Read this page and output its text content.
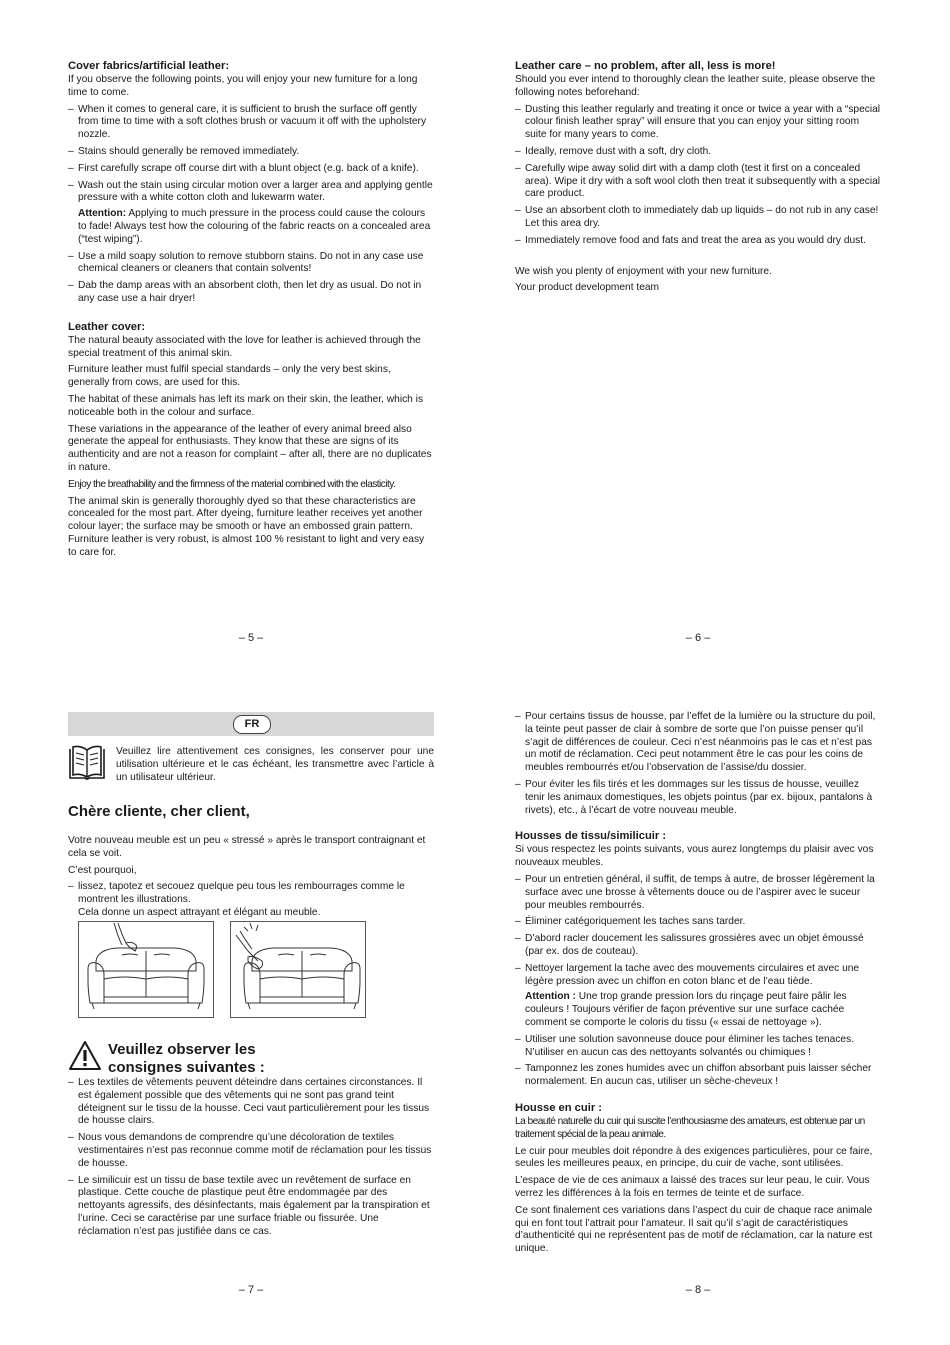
Cover fabrics/artificial leather:

If you observe the following points, you will enjoy your new furniture for a long time to come.

– When it comes to general care, it is sufficient to brush the surface off gently from time to time with a soft clothes brush or vacuum it off with the upholstery nozzle.
– Stains should generally be removed immediately.
– First carefully scrape off course dirt with a blunt object (e.g. back of a knife).
– Wash out the stain using circular motion over a larger area and applying gentle pressure with a white cotton cloth and lukewarm water.
Attention: Applying to much pressure in the process could cause the colours to fade! Always test how the colouring of the fabric reacts on a concealed area (“test wiping”).
– Use a mild soapy solution to remove stubborn stains. Do not in any case use chemical cleaners or cleaners that contain solvents!
– Dab the damp areas with an absorbent cloth, then let dry as usual. Do not in any case use a hair dryer!
Leather cover:

The natural beauty associated with the love for leather is achieved through the special treatment of this animal skin.

Furniture leather must fulfil special standards – only the very best skins, generally from cows, are used for this.

The habitat of these animals has left its mark on their skin, the leather, which is noticeable both in the colour and surface.

These variations in the appearance of the leather of every animal breed also generate the appeal for enthusiasts. They know that these are signs of its authenticity and are not a reason for complaint – after all, there are no duplicates in nature.

Enjoy the breathability and the firmness of the material combined with the elasticity.

The animal skin is generally thoroughly dyed so that these characteristics are concealed for the most part. After dyeing, furniture leather receives yet another colour layer; the surface may be smooth or have an embossed grain pattern. Furniture leather is very robust, is almost 100 % resistant to light and very easy to care for.

– 5 –
Leather care – no problem, after all, less is more!

Should you ever intend to thoroughly clean the leather suite, please observe the following notes beforehand:

– Dusting this leather regularly and treating it once or twice a year with a “special colour finish leather spray” will ensure that you can enjoy your sitting room suite for many years to come.
– Ideally, remove dust with a soft, dry cloth.
– Carefully wipe away solid dirt with a damp cloth (test it first on a concealed area). Wipe it dry with a soft wool cloth then treat it subsequently with a special care product.
– Use an absorbent cloth to immediately dab up liquids – do not rub in any case! Let this area dry.
– Immediately remove food and fats and treat the area as you would dry dust.

We wish you plenty of enjoyment with your new furniture.

Your product development team

– 6 –
FR
Veuillez lire attentivement ces consignes, les conserver pour une utilisation ultérieure et le cas échéant, les transmettre avec l’article à un utilisateur ultérieur.
Chère cliente, cher client,

Votre nouveau meuble est un peu « stressé » après le transport contraignant et cela se voit.

C’est pourquoi,

– lissez, tapotez et secouez quelque peu tous les rembourrages comme le montrent les illustrations.
Cela donne un aspect attrayant et élégant au meuble.
Veuillez observer les
consignes suivantes :
– Les textiles de vêtements peuvent déteindre dans certaines circonstances. Il est également possible que des vêtements qui ne sont pas grand teint déteignent sur le tissu de la housse. Ceci vaut particulièrement pour les tissus de housse clairs.
– Nous vous demandons de comprendre qu’une décoloration de textiles vestimentaires n’est pas reconnue comme motif de réclamation pour les tissus de housse.
– Le similicuir est un tissu de base textile avec un revêtement de surface en plastique. Cette couche de plastique peut être endommagée par des nettoyants agressifs, des désinfectants, mais également par la transpiration et l’urine. Ceci se caractérise par une surface friable ou fissurée. Une réclamation n’est pas justifiée dans ce cas.
– 7 –
– Pour certains tissus de housse, par l’effet de la lumière ou la structure du poil, la teinte peut passer de clair à sombre de sorte que l’on puisse penser qu’il s’agit de différences de couleur. Ceci n’est néanmoins pas le cas et n’est pas un motif de réclamation. Ceci peut notamment être le cas pour les coins de meubles rembourrés et/ou l’observation de l’assise/du dossier.
– Pour éviter les fils tirés et les dommages sur les tissus de housse, veuillez tenir les animaux domestiques, les objets pointus (par ex. bijoux, pantalons à rivets), etc., à l’écart de votre nouveau meuble.
Housses de tissu/similicuir :

Si vous respectez les points suivants, vous aurez longtemps du plaisir avec vos nouveaux meubles.

– Pour un entretien général, il suffit, de temps à autre, de brosser légèrement la surface avec une brosse à vêtements douce ou de l’aspirer avec le suceur pour meubles rembourrés.
– Éliminer catégoriquement les taches sans tarder.
– D’abord racler doucement les salissures grossières avec un objet émoussé (par ex. dos de couteau).
– Nettoyer largement la tache avec des mouvements circulaires et avec une légère pression avec un chiffon en coton blanc et de l’eau tiède.
Attention : Une trop grande pression lors du rinçage peut faire pâlir les couleurs ! Toujours vérifier de façon préventive sur une surface cachée comment se comporte le coloris du tissu (« essai de nettoyage »).
– Utiliser une solution savonneuse douce pour éliminer les taches tenaces. N’utiliser en aucun cas des nettoyants solvantés ou chimiques !
– Tamponnez les zones humides avec un chiffon absorbant puis laisser sécher normalement. En aucun cas, utiliser un sèche-cheveux !
Housse en cuir :

La beauté naturelle du cuir qui suscite l’enthousiasme des amateurs, est obtenue par un traitement spécial de la peau animale.

Le cuir pour meubles doit répondre à des exigences particulières, pour ce faire, seules les meilleures peaux, en principe, du cuir de vache, sont utilisées.

L’espace de vie de ces animaux a laissé des traces sur leur peau, le cuir. Vous verrez les différences à la fois en termes de teinte et de surface.

Ce sont finalement ces variations dans l’aspect du cuir de chaque race animale qui en font tout l’attrait pour l’amateur. Il sait qu’il s’agit de caractéristiques d’authenticité qui ne représentent pas de motif de réclamation, car la nature est unique.

– 8 –
